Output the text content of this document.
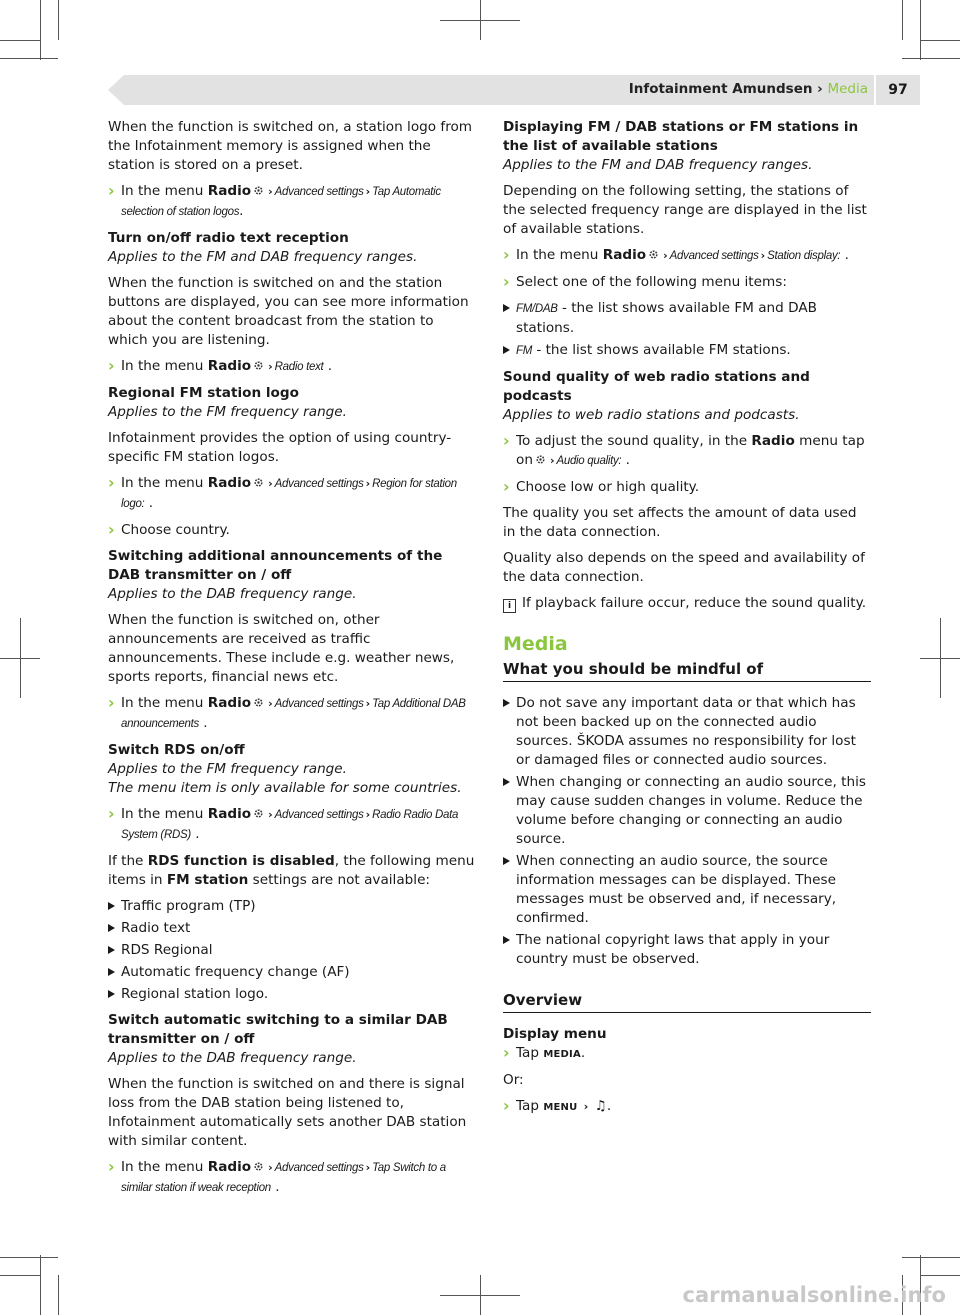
Infotainment Amundsen › Media	97

When the function is switched on, a station logo from the Infotainment memory is assigned when the station is stored on a preset.

› In the menu Radio › Advanced settings › Tap Automatic selection of station logos.
Turn on/off radio text reception
Applies to the FM and DAB frequency ranges.

When the function is switched on and the station buttons are displayed, you can see more information about the content broadcast from the station to which you are listening.

› In the menu Radio › Radio text .
Regional FM station logo
Applies to the FM frequency range.

Infotainment provides the option of using country-specific FM station logos.

› In the menu Radio › Advanced settings › Region for station logo: .
› Choose country.
Switching additional announcements of the DAB transmitter on / off
Applies to the DAB frequency range.

When the function is switched on, other announcements are received as traffic announcements. These include e.g. weather news, sports reports, financial news etc.

› In the menu Radio › Advanced settings › Tap Additional DAB announcements .
Switch RDS on/off
Applies to the FM frequency range.
The menu item is only available for some countries.
› In the menu Radio › Advanced settings › Radio Radio Data System (RDS) .

If the RDS function is disabled, the following menu items in FM station settings are not available:

Traffic program (TP)
Radio text
RDS Regional
Automatic frequency change (AF)
Regional station logo.
Switch automatic switching to a similar DAB transmitter on / off
Applies to the DAB frequency range.

When the function is switched on and there is signal loss from the DAB station being listened to, Infotainment automatically sets another DAB station with similar content.

› In the menu Radio › Advanced settings › Tap Switch to a similar station if weak reception .
Displaying FM / DAB stations or FM stations in the list of available stations
Applies to the FM and DAB frequency ranges.

Depending on the following setting, the stations of the selected frequency range are displayed in the list of available stations.

› In the menu Radio › Advanced settings › Station display: .
› Select one of the following menu items:
FM/DAB - the list shows available FM and DAB stations.
FM - the list shows available FM stations.
Sound quality of web radio stations and podcasts
Applies to web radio stations and podcasts.
› To adjust the sound quality, in the Radio menu tap on › Audio quality: .
› Choose low or high quality.

The quality you set affects the amount of data used in the data connection.

Quality also depends on the speed and availability of the data connection.

i If playback failure occur, reduce the sound quality.
Media
What you should be mindful of
Do not save any important data or that which has not been backed up on the connected audio sources. ŠKODA assumes no responsibility for lost or damaged files or connected audio sources.
When changing or connecting an audio source, this may cause sudden changes in volume. Reduce the volume before changing or connecting an audio source.
When connecting an audio source, the source information messages can be displayed. These messages must be observed and, if necessary, confirmed.
The national copyright laws that apply in your country must be observed.
Overview
Display menu
› Tap MEDIA.

Or:

› Tap MENU › ♫.
carmanualsonline.info
